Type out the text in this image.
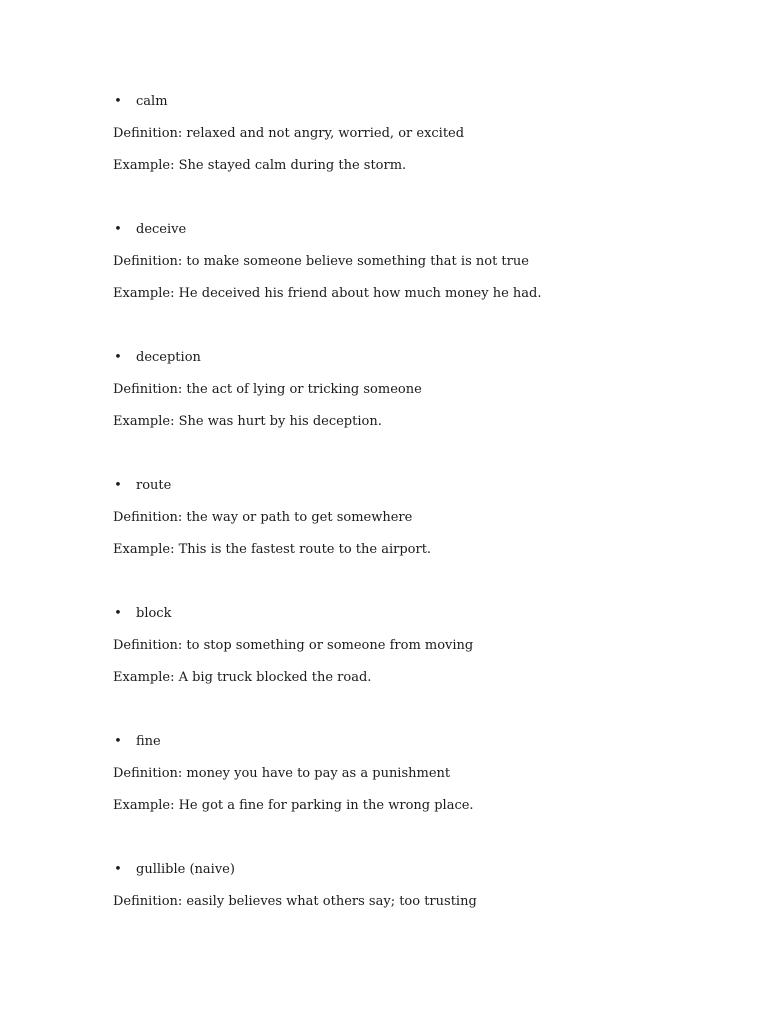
• calm
Definition: relaxed and not angry, worried, or excited
Example: She stayed calm during the storm.
• deceive
Definition: to make someone believe something that is not true
Example: He deceived his friend about how much money he had.
• deception
Definition: the act of lying or tricking someone
Example: She was hurt by his deception.
• route
Definition: the way or path to get somewhere
Example: This is the fastest route to the airport.
• block
Definition: to stop something or someone from moving
Example: A big truck blocked the road.
• fine
Definition: money you have to pay as a punishment
Example: He got a fine for parking in the wrong place.
• gullible (naive)
Definition: easily believes what others say; too trusting
